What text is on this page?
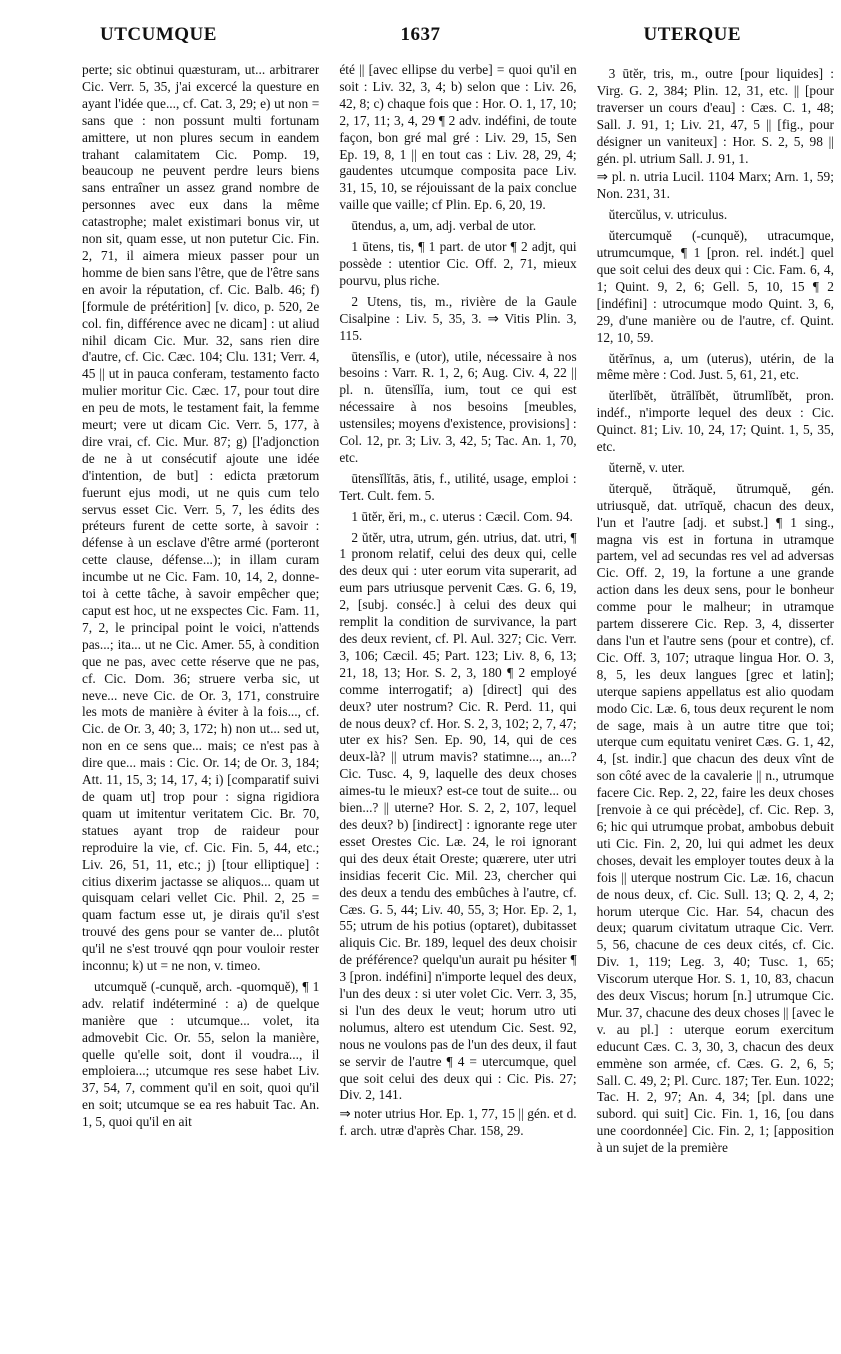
UTCUMQUE	1637	UTERQUE

perte; sic obtinui quæsturam, ut... arbitrarer Cic. Verr. 5, 35, j'ai excercé la questure en ayant l'idée que..., cf. Cat. 3, 29; e) ut non = sans que : non possunt multi fortunam amittere, ut non plures secum in eandem trahant calamitatem Cic. Pomp. 19, beaucoup ne peuvent perdre leurs biens sans entraîner un assez grand nombre de personnes avec eux dans la même catastrophe; malet existimari bonus vir, ut non sit, quam esse, ut non putetur Cic. Fin. 2, 71, il aimera mieux passer pour un homme de bien sans l'être, que de l'être sans en avoir la réputation, cf. Cic. Balb. 46; f) [formule de prétérition] [v. dico, p. 520, 2e col. fin, différence avec ne dicam] : ut aliud nihil dicam Cic. Mur. 32, sans rien dire d'autre, cf. Cic. Cæc. 104; Clu. 131; Verr. 4, 45 || ut in pauca conferam, testamento facto mulier moritur Cic. Cæc. 17, pour tout dire en peu de mots, le testament fait, la femme meurt; vere ut dicam Cic. Verr. 5, 177, à dire vrai, cf. Cic. Mur. 87; g) [l'adjonction de ne à ut consécutif ajoute une idée d'intention, de but] : edicta prætorum fuerunt ejus modi, ut ne quis cum telo servus esset Cic. Verr. 5, 7, les édits des préteurs furent de cette sorte, à savoir : défense à un esclave d'être armé (porteront cette clause, défense...); in illam curam incumbe ut ne Cic. Fam. 10, 14, 2, donne-toi à cette tâche, à savoir empêcher que; caput est hoc, ut ne exspectes Cic. Fam. 11, 7, 2, le principal point le voici, n'attends pas...; ita... ut ne Cic. Amer. 55, à condition que ne pas, avec cette réserve que ne pas, cf. Cic. Dom. 36; struere verba sic, ut neve... neve Cic. de Or. 3, 171, construire les mots de manière à éviter à la fois..., cf. Cic. de Or. 3, 40; 3, 172; h) non ut... sed ut, non en ce sens que... mais; ce n'est pas à dire que... mais : Cic. Or. 14; de Or. 3, 184; Att. 11, 15, 3; 14, 17, 4; i) [comparatif suivi de quam ut] trop pour : signa rigidiora quam ut imitentur veritatem Cic. Br. 70, statues ayant trop de raideur pour reproduire la vie, cf. Cic. Fin. 5, 44, etc.; Liv. 26, 51, 11, etc.; j) [tour elliptique] : citius dixerim jactasse se aliquos... quam ut quisquam celari vellet Cic. Phil. 2, 25 = quam factum esse ut, je dirais qu'il s'est trouvé des gens pour se vanter de... plutôt qu'il ne s'est trouvé qqn pour vouloir rester inconnu; k) ut = ne non, v. timeo.

utcumquĕ (-cunquĕ, arch. -quomquĕ), ¶ 1 adv. relatif indéterminé : a) de quelque manière que : utcumque... volet, ita admovebit Cic. Or. 55, selon la manière, quelle qu'elle soit, dont il voudra..., il emploiera...; utcumque res sese habet Liv. 37, 54, 7, comment qu'il en soit, quoi qu'il en soit; utcumque se ea res habuit Tac. An. 1, 5, quoi qu'il en ait

été || [avec ellipse du verbe] = quoi qu'il en soit : Liv. 32, 3, 4; b) selon que : Liv. 26, 42, 8; c) chaque fois que : Hor. O. 1, 17, 10; 2, 17, 11; 3, 4, 29 ¶ 2 adv. indéfini, de toute façon, bon gré mal gré : Liv. 29, 15, Sen Ep. 19, 8, 1 || en tout cas : Liv. 28, 29, 4; gaudentes utcumque composita pace Liv. 31, 15, 10, se réjouissant de la paix conclue vaille que vaille; cf Plin. Ep. 6, 20, 19.

ūtendus, a, um, adj. verbal de utor.

1 ūtens, tis, ¶ 1 part. de utor ¶ 2 adjt, qui possède : utentior Cic. Off. 2, 71, mieux pourvu, plus riche.

2 Utens, tis, m., rivière de la Gaule Cisalpine : Liv. 5, 35, 3. ⇒ Vitis Plin. 3, 115.

ūtensĭlis, e (utor), utile, nécessaire à nos besoins : Varr. R. 1, 2, 6; Aug. Civ. 4, 22 || pl. n. ūtensĭlĭa, ium, tout ce qui est nécessaire à nos besoins [meubles, ustensiles; moyens d'existence, provisions] : Col. 12, pr. 3; Liv. 3, 42, 5; Tac. An. 1, 70, etc.

ūtensĭlĭtās, ātis, f., utilité, usage, emploi : Tert. Cult. fem. 5.

1 ūtĕr, ĕri, m., c. uterus : Cæcil. Com. 94.

2 ŭtĕr, utra, utrum, gén. utrius, dat. utri, ¶ 1 pronom relatif, celui des deux qui, celle des deux qui : uter eorum vita superarit, ad eum pars utriusque pervenit Cæs. G. 6, 19, 2, [subj. conséc.] à celui des deux qui remplit la condition de survivance, la part des deux revient, cf. Pl. Aul. 327; Cic. Verr. 3, 106; Cæcil. 45; Part. 123; Liv. 8, 6, 13; 21, 18, 13; Hor. S. 2, 3, 180 ¶ 2 employé comme interrogatif; a) [direct] qui des deux? uter nostrum? Cic. R. Perd. 11, qui de nous deux? cf. Hor. S. 2, 3, 102; 2, 7, 47; uter ex his? Sen. Ep. 90, 14, qui de ces deux-là? || utrum mavis? statimne..., an...? Cic. Tusc. 4, 9, laquelle des deux choses aimes-tu le mieux? est-ce tout de suite... ou bien...? || uterne? Hor. S. 2, 2, 107, lequel des deux? b) [indirect] : ignorante rege uter esset Orestes Cic. Læ. 24, le roi ignorant qui des deux était Oreste; quærere, uter utri insidias fecerit Cic. Mil. 23, chercher qui des deux a tendu des embûches à l'autre, cf. Cæs. G. 5, 44; Liv. 40, 55, 3; Hor. Ep. 2, 1, 55; utrum de his potius (optaret), dubitasset aliquis Cic. Br. 189, lequel des deux choisir de préférence? quelqu'un aurait pu hésiter ¶ 3 [pron. indéfini] n'importe lequel des deux, l'un des deux : si uter volet Cic. Verr. 3, 35, si l'un des deux le veut; horum utro uti nolumus, altero est utendum Cic. Sest. 92, nous ne voulons pas de l'un des deux, il faut se servir de l'autre ¶ 4 = utercumque, quel que soit celui des deux qui : Cic. Pis. 27; Div. 2, 141.

⇒ noter utrius Hor. Ep. 1, 77, 15 || gén. et d. f. arch. utræ d'après Char. 158, 29.

3 ūtĕr, tris, m., outre [pour liquides] : Virg. G. 2, 384; Plin. 12, 31, etc. || [pour traverser un cours d'eau] : Cæs. C. 1, 48; Sall. J. 91, 1; Liv. 21, 47, 5 || [fig., pour désigner un vaniteux] : Hor. S. 2, 5, 98 || gén. pl. utrium Sall. J. 91, 1.

⇒ pl. n. utria Lucil. 1104 Marx; Arn. 1, 59; Non. 231, 31.

ŭtercŭlus, v. utriculus.

ŭtercumquĕ (-cunquĕ), utracumque, utrumcumque, ¶ 1 [pron. rel. indét.] quel que soit celui des deux qui : Cic. Fam. 6, 4, 1; Quint. 9, 2, 6; Gell. 5, 10, 15 ¶ 2 [indéfini] : utrocumque modo Quint. 3, 6, 29, d'une manière ou de l'autre, cf. Quint. 12, 10, 59.

ŭtĕrīnus, a, um (uterus), utérin, de la même mère : Cod. Just. 5, 61, 21, etc.

ŭterlĭbĕt, ŭtrālĭbĕt, ŭtrumlĭbĕt, pron. indéf., n'importe lequel des deux : Cic. Quinct. 81; Liv. 10, 24, 17; Quint. 1, 5, 35, etc.

ŭternĕ, v. uter.

ŭterquĕ, ŭtrăquĕ, ŭtrumquĕ, gén. utriusquĕ, dat. utrīquĕ, chacun des deux, l'un et l'autre [adj. et subst.] ¶ 1 sing., magna vis est in fortuna in utramque partem, vel ad secundas res vel ad adversas Cic. Off. 2, 19, la fortune a une grande action dans les deux sens, pour le bonheur comme pour le malheur; in utramque partem disserere Cic. Rep. 3, 4, disserter dans l'un et l'autre sens (pour et contre), cf. Cic. Off. 3, 107; utraque lingua Hor. O. 3, 8, 5, les deux langues [grec et latin]; uterque sapiens appellatus est alio quodam modo Cic. Læ. 6, tous deux reçurent le nom de sage, mais à un autre titre que toi; uterque cum equitatu veniret Cæs. G. 1, 42, 4, [st. indir.] que chacun des deux vînt de son côté avec de la cavalerie || n., utrumque facere Cic. Rep. 2, 22, faire les deux choses [renvoie à ce qui précède], cf. Cic. Rep. 3, 6; hic qui utrumque probat, ambobus debuit uti Cic. Fin. 2, 20, lui qui admet les deux choses, devait les employer toutes deux à la fois || uterque nostrum Cic. Læ. 16, chacun de nous deux, cf. Cic. Sull. 13; Q. 2, 4, 2; horum uterque Cic. Har. 54, chacun des deux; quarum civitatum utraque Cic. Verr. 5, 56, chacune de ces deux cités, cf. Cic. Div. 1, 119; Leg. 3, 40; Tusc. 1, 65; Viscorum uterque Hor. S. 1, 10, 83, chacun des deux Viscus; horum [n.] utrumque Cic. Mur. 37, chacune des deux choses || [avec le v. au pl.] : uterque eorum exercitum educunt Cæs. C. 3, 30, 3, chacun des deux emmène son armée, cf. Cæs. G. 2, 6, 5; Sall. C. 49, 2; Pl. Curc. 187; Ter. Eun. 1022; Tac. H. 2, 97; An. 4, 34; [pl. dans une subord. qui suit] Cic. Fin. 1, 16, [ou dans une coordonnée] Cic. Fin. 2, 1; [apposition à un sujet de la première
